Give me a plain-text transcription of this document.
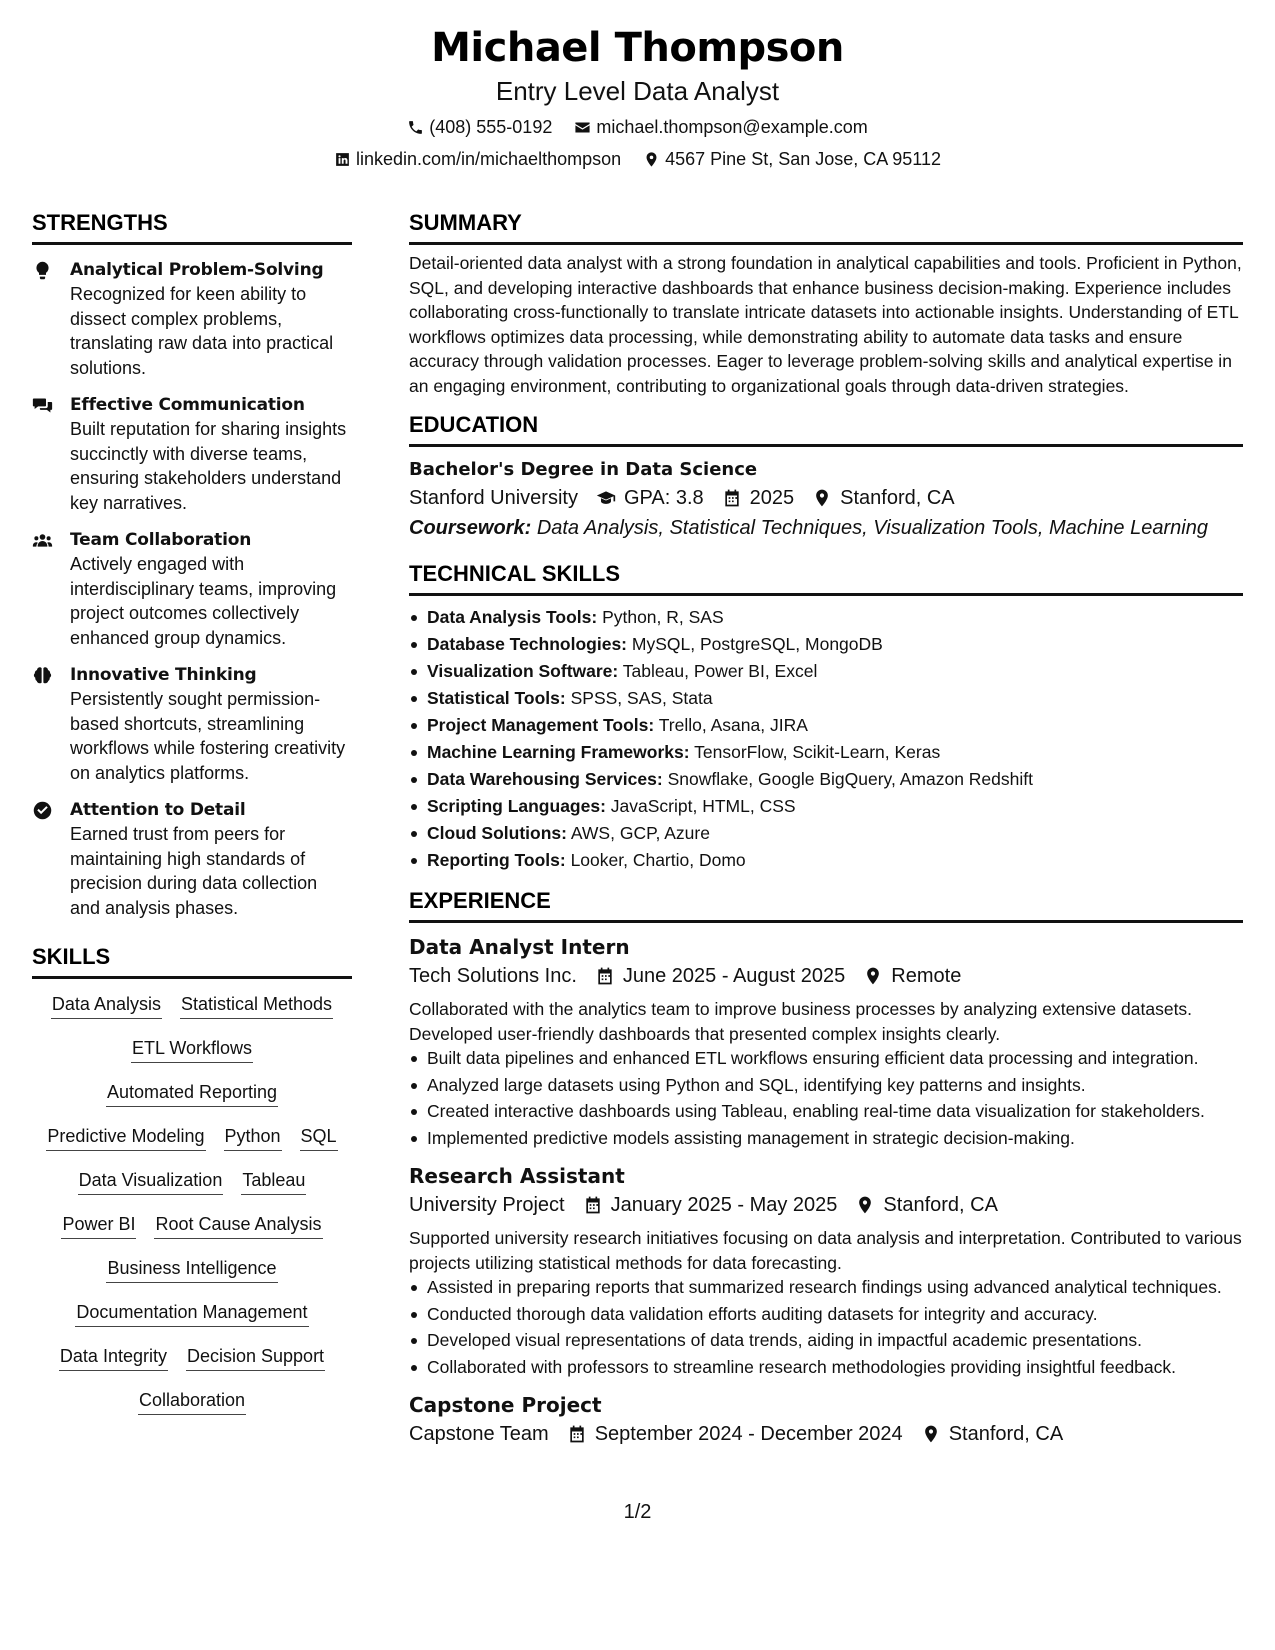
Michael Thompson
Entry Level Data Analyst
(408) 555-0192 michael.thompson@example.com
linkedin.com/in/michaelthompson 4567 Pine St, San Jose, CA 95112
STRENGTHS
Analytical Problem-Solving
Recognized for keen ability to dissect complex problems, translating raw data into practical solutions.
Effective Communication
Built reputation for sharing insights succinctly with diverse teams, ensuring stakeholders understand key narratives.
Team Collaboration
Actively engaged with interdisciplinary teams, improving project outcomes collectively enhanced group dynamics.
Innovative Thinking
Persistently sought permission-based shortcuts, streamlining workflows while fostering creativity on analytics platforms.
Attention to Detail
Earned trust from peers for maintaining high standards of precision during data collection and analysis phases.
SKILLS
Data Analysis Statistical Methods
ETL Workflows
Automated Reporting
Predictive Modeling Python SQL
Data Visualization Tableau
Power BI Root Cause Analysis
Business Intelligence
Documentation Management
Data Integrity Decision Support
Collaboration
SUMMARY
Detail-oriented data analyst with a strong foundation in analytical capabilities and tools. Proficient in Python, SQL, and developing interactive dashboards that enhance business decision-making. Experience includes collaborating cross-functionally to translate intricate datasets into actionable insights. Understanding of ETL workflows optimizes data processing, while demonstrating ability to automate data tasks and ensure accuracy through validation processes. Eager to leverage problem-solving skills and analytical expertise in an engaging environment, contributing to organizational goals through data-driven strategies.
EDUCATION
Bachelor's Degree in Data Science
Stanford University GPA: 3.8 2025 Stanford, CA
Coursework: Data Analysis, Statistical Techniques, Visualization Tools, Machine Learning
TECHNICAL SKILLS
Data Analysis Tools: Python, R, SAS
Database Technologies: MySQL, PostgreSQL, MongoDB
Visualization Software: Tableau, Power BI, Excel
Statistical Tools: SPSS, SAS, Stata
Project Management Tools: Trello, Asana, JIRA
Machine Learning Frameworks: TensorFlow, Scikit-Learn, Keras
Data Warehousing Services: Snowflake, Google BigQuery, Amazon Redshift
Scripting Languages: JavaScript, HTML, CSS
Cloud Solutions: AWS, GCP, Azure
Reporting Tools: Looker, Chartio, Domo
EXPERIENCE
Data Analyst Intern
Tech Solutions Inc. June 2025 - August 2025 Remote
Collaborated with the analytics team to improve business processes by analyzing extensive datasets. Developed user-friendly dashboards that presented complex insights clearly.
Built data pipelines and enhanced ETL workflows ensuring efficient data processing and integration.
Analyzed large datasets using Python and SQL, identifying key patterns and insights.
Created interactive dashboards using Tableau, enabling real-time data visualization for stakeholders.
Implemented predictive models assisting management in strategic decision-making.
Research Assistant
University Project January 2025 - May 2025 Stanford, CA
Supported university research initiatives focusing on data analysis and interpretation. Contributed to various projects utilizing statistical methods for data forecasting.
Assisted in preparing reports that summarized research findings using advanced analytical techniques.
Conducted thorough data validation efforts auditing datasets for integrity and accuracy.
Developed visual representations of data trends, aiding in impactful academic presentations.
Collaborated with professors to streamline research methodologies providing insightful feedback.
Capstone Project
Capstone Team September 2024 - December 2024 Stanford, CA
1/2
